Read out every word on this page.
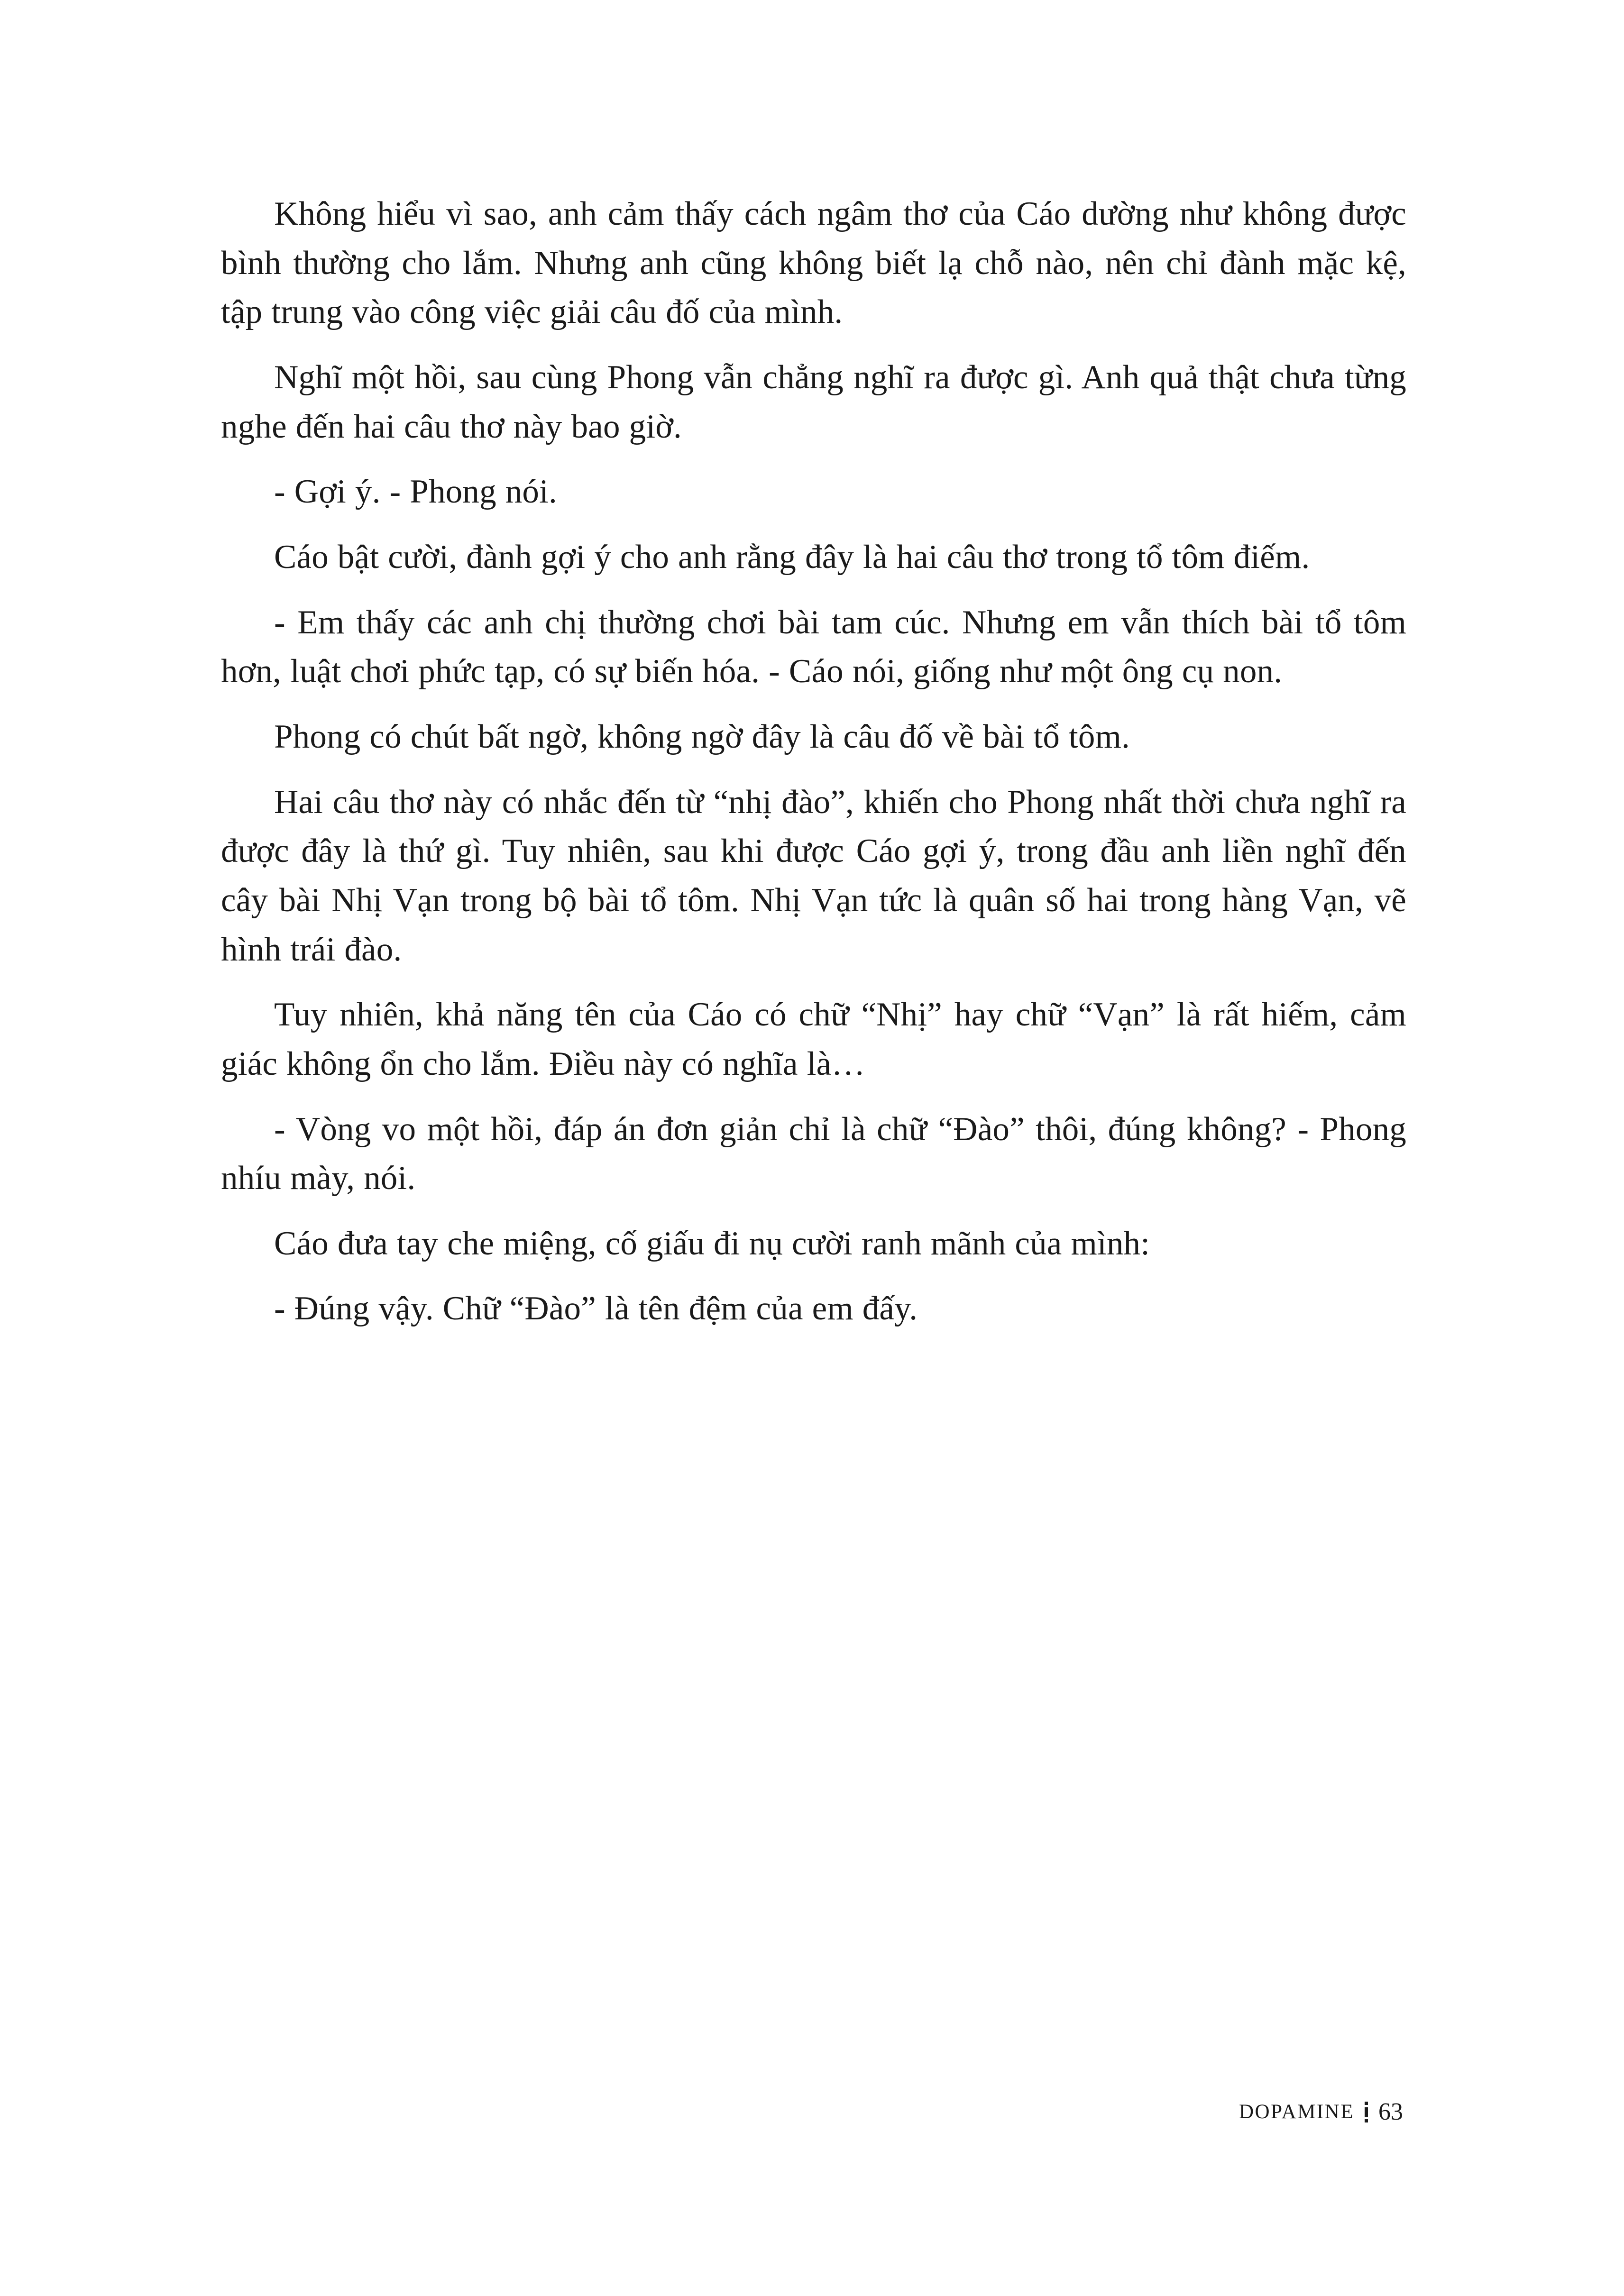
Không hiểu vì sao, anh cảm thấy cách ngâm thơ của Cáo dường như không được bình thường cho lắm. Nhưng anh cũng không biết lạ chỗ nào, nên chỉ đành mặc kệ, tập trung vào công việc giải câu đố của mình.

Nghĩ một hồi, sau cùng Phong vẫn chẳng nghĩ ra được gì. Anh quả thật chưa từng nghe đến hai câu thơ này bao giờ.

- Gợi ý. - Phong nói.

Cáo bật cười, đành gợi ý cho anh rằng đây là hai câu thơ trong tổ tôm điếm.

- Em thấy các anh chị thường chơi bài tam cúc. Nhưng em vẫn thích bài tổ tôm hơn, luật chơi phức tạp, có sự biến hóa. - Cáo nói, giống như một ông cụ non.

Phong có chút bất ngờ, không ngờ đây là câu đố về bài tổ tôm.

Hai câu thơ này có nhắc đến từ “nhị đào”, khiến cho Phong nhất thời chưa nghĩ ra được đây là thứ gì. Tuy nhiên, sau khi được Cáo gợi ý, trong đầu anh liền nghĩ đến cây bài Nhị Vạn trong bộ bài tổ tôm. Nhị Vạn tức là quân số hai trong hàng Vạn, vẽ hình trái đào.

Tuy nhiên, khả năng tên của Cáo có chữ “Nhị” hay chữ “Vạn” là rất hiếm, cảm giác không ổn cho lắm. Điều này có nghĩa là…

- Vòng vo một hồi, đáp án đơn giản chỉ là chữ “Đào” thôi, đúng không? - Phong nhíu mày, nói.

Cáo đưa tay che miệng, cố giấu đi nụ cười ranh mãnh của mình:

- Đúng vậy. Chữ “Đào” là tên đệm của em đấy.

DOPAMINE 63
